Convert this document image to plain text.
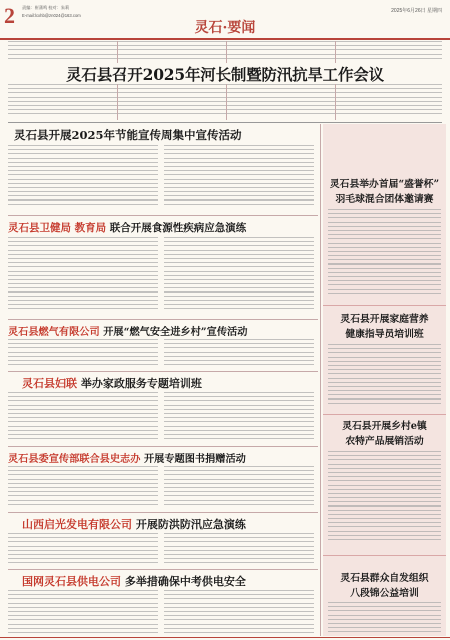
2 责编：崔蒲鸣 校对：朱莉
E-mail:lcxhb@zn024@163.com
2025年6月26日 星期四
灵石·要闻
灵石县召开2025年河长制暨防汛抗旱工作会议
灵石县开展2025年节能宣传周集中宣传活动
灵石县卫健局 教育局 联合开展食源性疾病应急演练
灵石县燃气有限公司 开展“燃气安全进乡村”宣传活动
灵石县妇联 举办家政服务专题培训班
灵石县委宣传部联合县史志办 开展专题图书捐赠活动
山西启光发电有限公司 开展防洪防汛应急演练
国网灵石县供电公司 多举措确保中考供电安全
灵石县举办首届“盛誉杯”
羽毛球混合团体邀请赛
灵石县开展家庭营养
健康指导员培训班
灵石县开展乡村e镇
农特产品展销活动
灵石县群众自发组织
八段锦公益培训
